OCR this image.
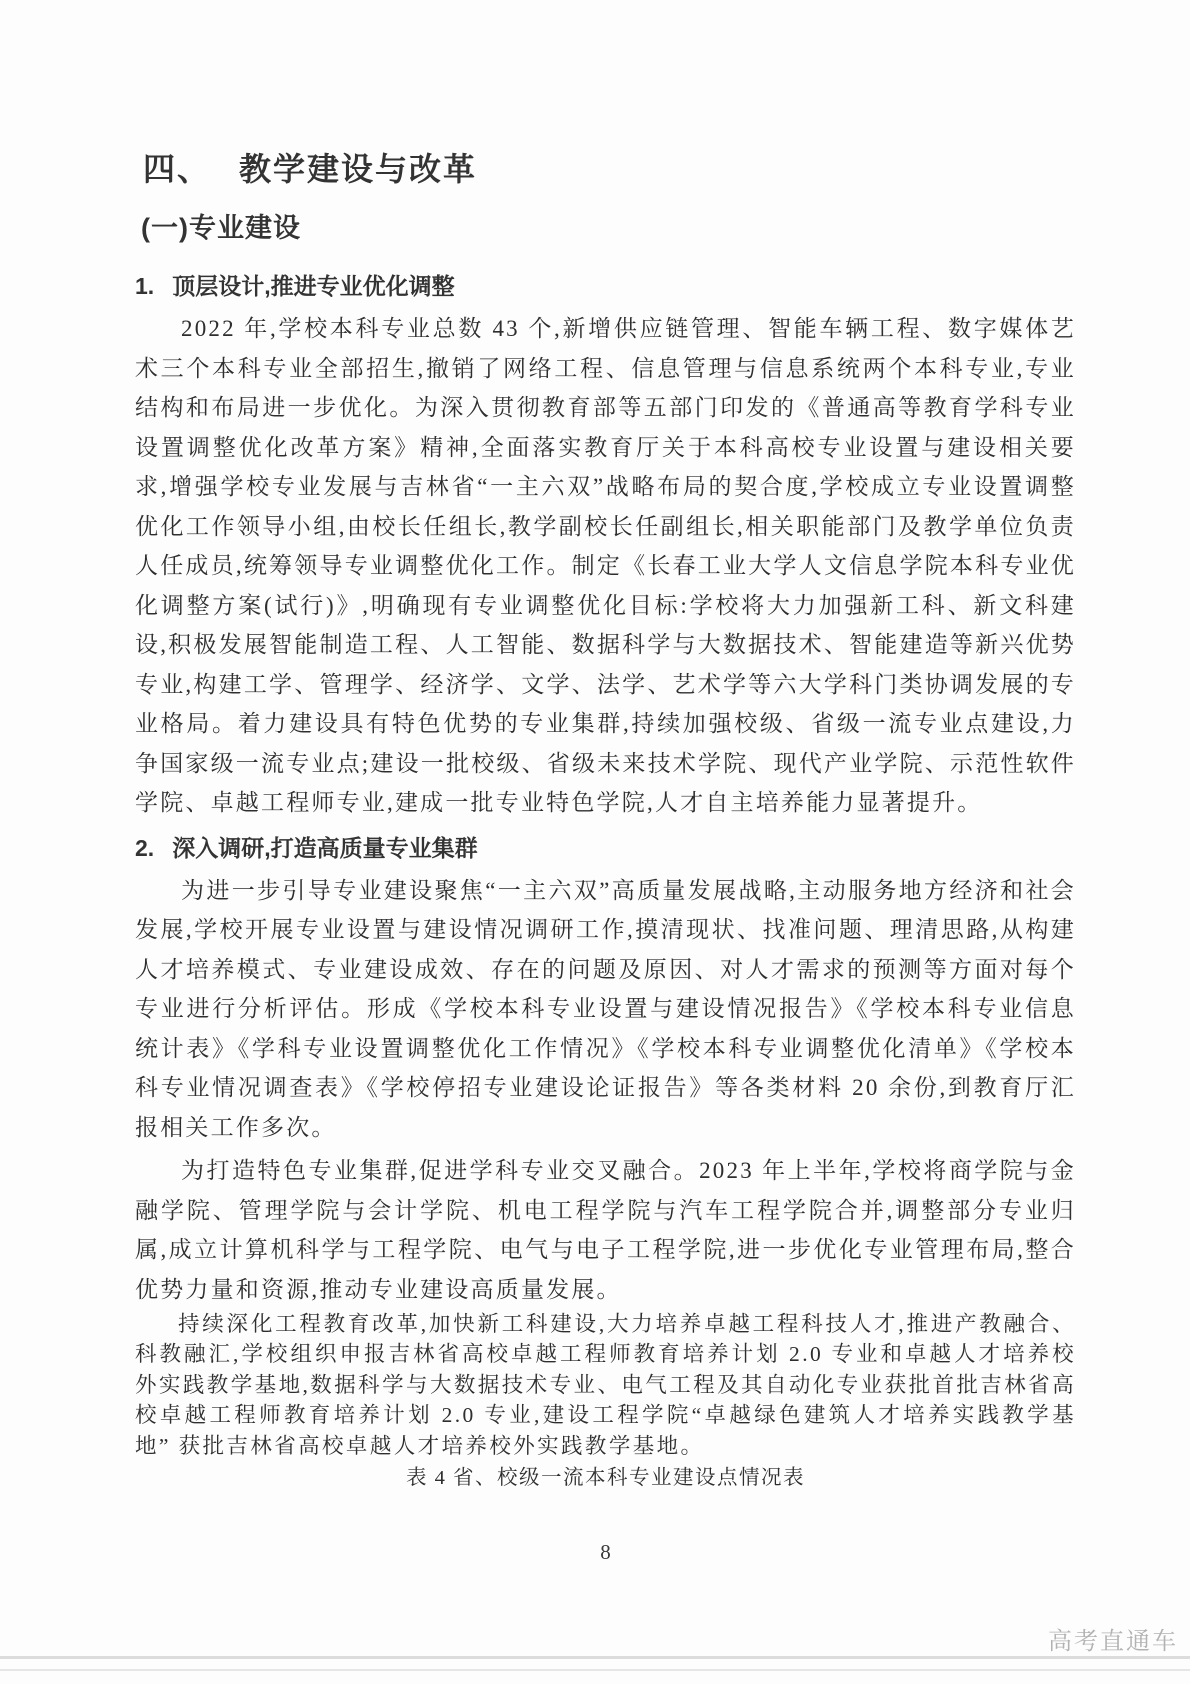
四、 教学建设与改革
(一)专业建设
1. 顶层设计,推进专业优化调整

2022 年,学校本科专业总数 43 个,新增供应链管理、智能车辆工程、数字媒体艺术三个本科专业全部招生,撤销了网络工程、信息管理与信息系统两个本科专业,专业结构和布局进一步优化。为深入贯彻教育部等五部门印发的《普通高等教育学科专业设置调整优化改革方案》精神,全面落实教育厅关于本科高校专业设置与建设相关要求,增强学校专业发展与吉林省“一主六双”战略布局的契合度,学校成立专业设置调整优化工作领导小组,由校长任组长,教学副校长任副组长,相关职能部门及教学单位负责人任成员,统筹领导专业调整优化工作。制定《长春工业大学人文信息学院本科专业优化调整方案(试行)》,明确现有专业调整优化目标:学校将大力加强新工科、新文科建设,积极发展智能制造工程、人工智能、数据科学与大数据技术、智能建造等新兴优势专业,构建工学、管理学、经济学、文学、法学、艺术学等六大学科门类协调发展的专业格局。着力建设具有特色优势的专业集群,持续加强校级、省级一流专业点建设,力争国家级一流专业点;建设一批校级、省级未来技术学院、现代产业学院、示范性软件学院、卓越工程师专业,建成一批专业特色学院,人才自主培养能力显著提升。

2. 深入调研,打造高质量专业集群

为进一步引导专业建设聚焦“一主六双”高质量发展战略,主动服务地方经济和社会发展,学校开展专业设置与建设情况调研工作,摸清现状、找准问题、理清思路,从构建人才培养模式、专业建设成效、存在的问题及原因、对人才需求的预测等方面对每个专业进行分析评估。形成《学校本科专业设置与建设情况报告》《学校本科专业信息统计表》《学科专业设置调整优化工作情况》《学校本科专业调整优化清单》《学校本科专业情况调查表》《学校停招专业建设论证报告》等各类材料 20 余份,到教育厅汇报相关工作多次。

为打造特色专业集群,促进学科专业交叉融合。2023 年上半年,学校将商学院与金融学院、管理学院与会计学院、机电工程学院与汽车工程学院合并,调整部分专业归属,成立计算机科学与工程学院、电气与电子工程学院,进一步优化专业管理布局,整合优势力量和资源,推动专业建设高质量发展。

持续深化工程教育改革,加快新工科建设,大力培养卓越工程科技人才,推进产教融合、科教融汇,学校组织申报吉林省高校卓越工程师教育培养计划 2.0 专业和卓越人才培养校外实践教学基地,数据科学与大数据技术专业、电气工程及其自动化专业获批首批吉林省高校卓越工程师教育培养计划 2.0 专业,建设工程学院“卓越绿色建筑人才培养实践教学基地” 获批吉林省高校卓越人才培养校外实践教学基地。

表 4 省、校级一流本科专业建设点情况表

8
高考直通车
